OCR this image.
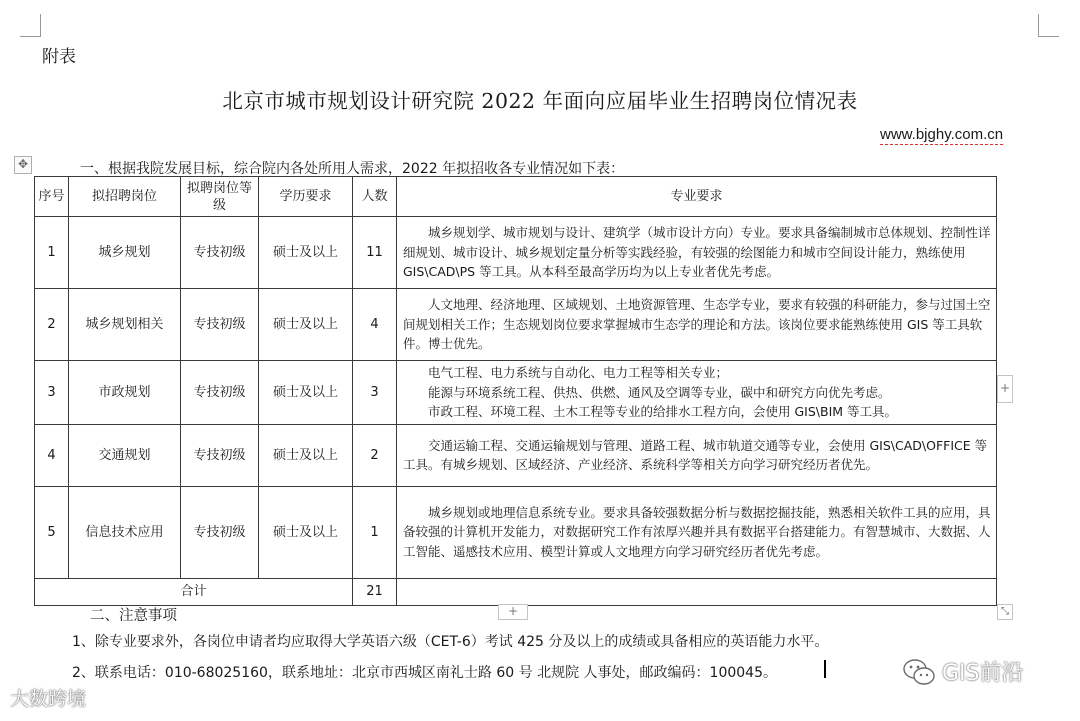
附表
北京市城市规划设计研究院 2022 年面向应届毕业生招聘岗位情况表
www.bjghy.com.cn
✥	一、根据我院发展目标，综合院内各处所用人需求，2022 年拟招收各专业情况如下表：
序号	拟招聘岗位	拟聘岗位等级	学历要求	人数	专业要求
1	城乡规划	专技初级	硕士及以上	11	城乡规划学、城市规划与设计、建筑学（城市设计方向）专业。要求具备编制城市总体规划、控制性详细规划、城市设计、城乡规划定量分析等实践经验，有较强的绘图能力和城市空间设计能力，熟练使用 GIS\CAD\PS 等工具。从本科至最高学历均为以上专业者优先考虑。

2	城乡规划相关	专技初级	硕士及以上	4	人文地理、经济地理、区域规划、土地资源管理、生态学专业，要求有较强的科研能力，参与过国土空间规划相关工作；生态规划岗位要求掌握城市生态学的理论和方法。该岗位要求能熟练使用 GIS 等工具软件。博士优先。

3	市政规划	专技初级	硕士及以上	3	电气工程、电力系统与自动化、电力工程等相关专业；
能源与环境系统工程、供热、供燃、通风及空调等专业，碳中和研究方向优先考虑。
市政工程、环境工程、土木工程等专业的给排水工程方向，会使用 GIS\BIM 等工具。

4	交通规划	专技初级	硕士及以上	2	交通运输工程、交通运输规划与管理、道路工程、城市轨道交通等专业，会使用 GIS\CAD\OFFICE 等工具。有城乡规划、区域经济、产业经济、系统科学等相关方向学习研究经历者优先。

5	信息技术应用	专技初级	硕士及以上	1	城乡规划或地理信息系统专业。要求具备较强数据分析与数据挖掘技能，熟悉相关软件工具的应用，具备较强的计算机开发能力，对数据研究工作有浓厚兴趣并具有数据平台搭建能力。有智慧城市、大数据、人工智能、遥感技术应用、模型计算或人文地理方向学习研究经历者优先考虑。

合计				21	
+
+	⤡
二、注意事项
1、除专业要求外，各岗位申请者均应取得大学英语六级（CET-6）考试 425 分及以上的成绩或具备相应的英语能力水平。
2、联系电话：010-68025160，联系地址：北京市西城区南礼士路 60 号 北规院 人事处，邮政编码：100045。
大数跨境
GIS前沿
